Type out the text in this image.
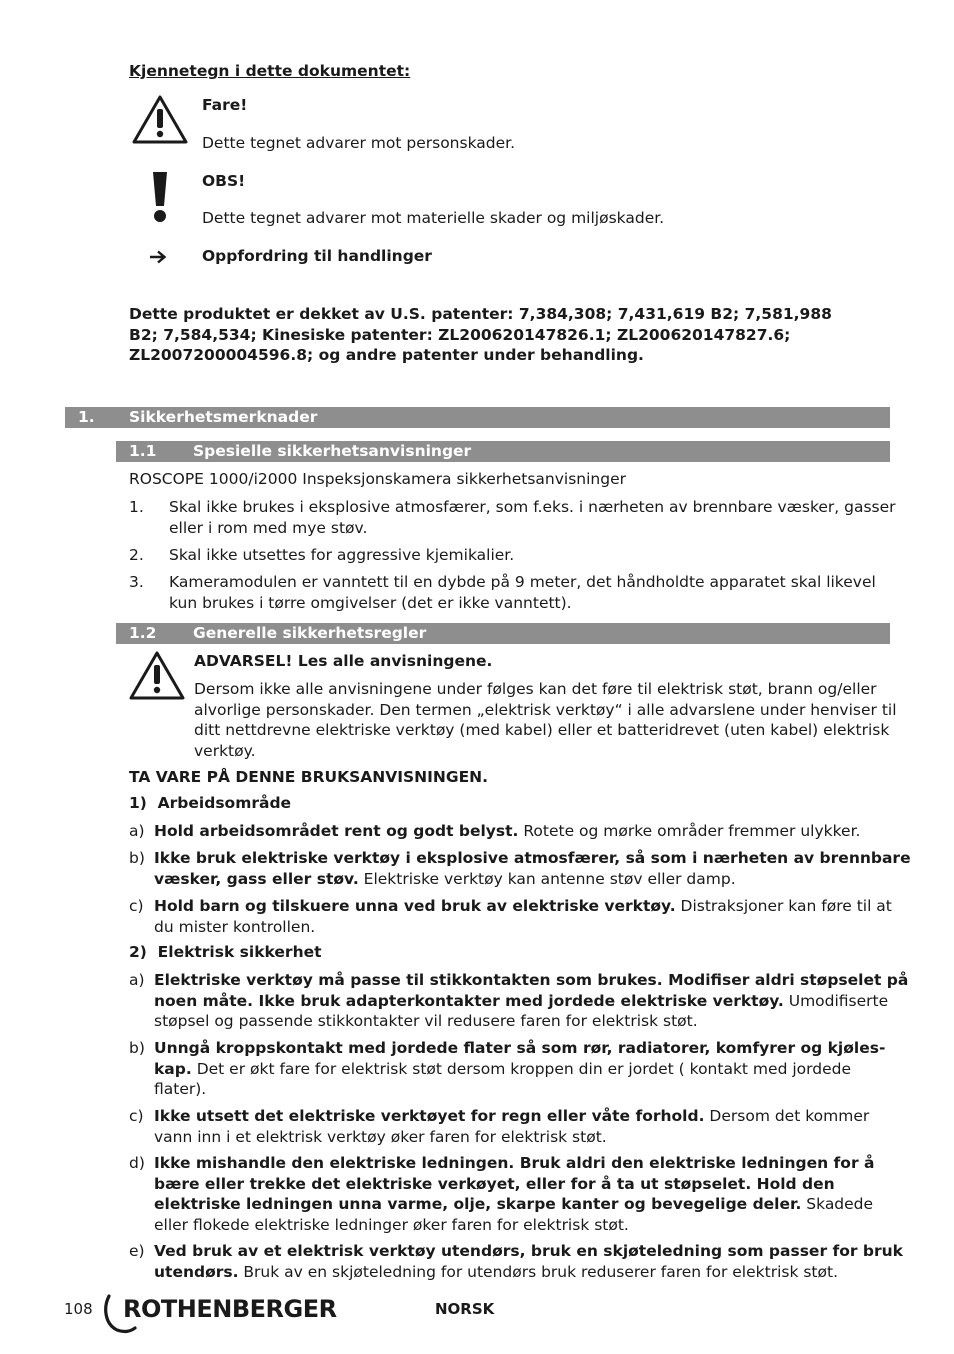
Kjennetegn i dette dokumentet:
Fare!
Dette tegnet advarer mot personskader.
OBS!
Dette tegnet advarer mot materielle skader og miljøskader.
Oppfordring til handlinger
Dette produktet er dekket av U.S. patenter: 7,384,308; 7,431,619 B2; 7,581,988
B2; 7,584,534; Kinesiske patenter: ZL200620147826.1; ZL200620147827.6;
ZL2007200004596.8; og andre patenter under behandling.
1. Sikkerhetsmerknader
1.1 Spesielle sikkerhetsanvisninger
ROSCOPE 1000/i2000 Inspeksjonskamera sikkerhetsanvisninger
1. Skal ikke brukes i eksplosive atmosfærer, som f.eks. i nærheten av brennbare væsker, gasser
eller i rom med mye støv.
2. Skal ikke utsettes for aggressive kjemikalier.
3. Kameramodulen er vanntett til en dybde på 9 meter, det håndholdte apparatet skal likevel
kun brukes i tørre omgivelser (det er ikke vanntett).
1.2 Generelle sikkerhetsregler
ADVARSEL! Les alle anvisningene.
Dersom ikke alle anvisningene under følges kan det føre til elektrisk støt, brann og/eller
alvorlige personskader. Den termen „elektrisk verktøy“ i alle advarslene under henviser til
ditt nettdrevne elektriske verktøy (med kabel) eller et batteridrevet (uten kabel) elektrisk
verktøy.
TA VARE PÅ DENNE BRUKSANVISNINGEN.
1)  Arbeidsområde
a) Hold arbeidsområdet rent og godt belyst. Rotete og mørke områder fremmer ulykker.
b) Ikke bruk elektriske verktøy i eksplosive atmosfærer, så som i nærheten av brennbare
væsker, gass eller støv. Elektriske verktøy kan antenne støv eller damp.
c) Hold barn og tilskuere unna ved bruk av elektriske verktøy. Distraksjoner kan føre til at
du mister kontrollen.
2)  Elektrisk sikkerhet
a) Elektriske verktøy må passe til stikkontakten som brukes. Modifiser aldri støpselet på
noen måte. Ikke bruk adapterkontakter med jordede elektriske verktøy. Umodifiserte
støpsel og passende stikkontakter vil redusere faren for elektrisk støt.
b) Unngå kroppskontakt med jordede flater så som rør, radiatorer, komfyrer og kjøles-
kap. Det er økt fare for elektrisk støt dersom kroppen din er jordet ( kontakt med jordede
flater).
c) Ikke utsett det elektriske verktøyet for regn eller våte forhold. Dersom det kommer
vann inn i et elektrisk verktøy øker faren for elektrisk støt.
d) Ikke mishandle den elektriske ledningen. Bruk aldri den elektriske ledningen for å
bære eller trekke det elektriske verkøyet, eller for å ta ut støpselet. Hold den
elektriske ledningen unna varme, olje, skarpe kanter og bevegelige deler. Skadede
eller flokede elektriske ledninger øker faren for elektrisk støt.
e) Ved bruk av et elektrisk verktøy utendørs, bruk en skjøteledning som passer for bruk
utendørs. Bruk av en skjøteledning for utendørs bruk reduserer faren for elektrisk støt.
108 ROTHENBERGER	NORSK
